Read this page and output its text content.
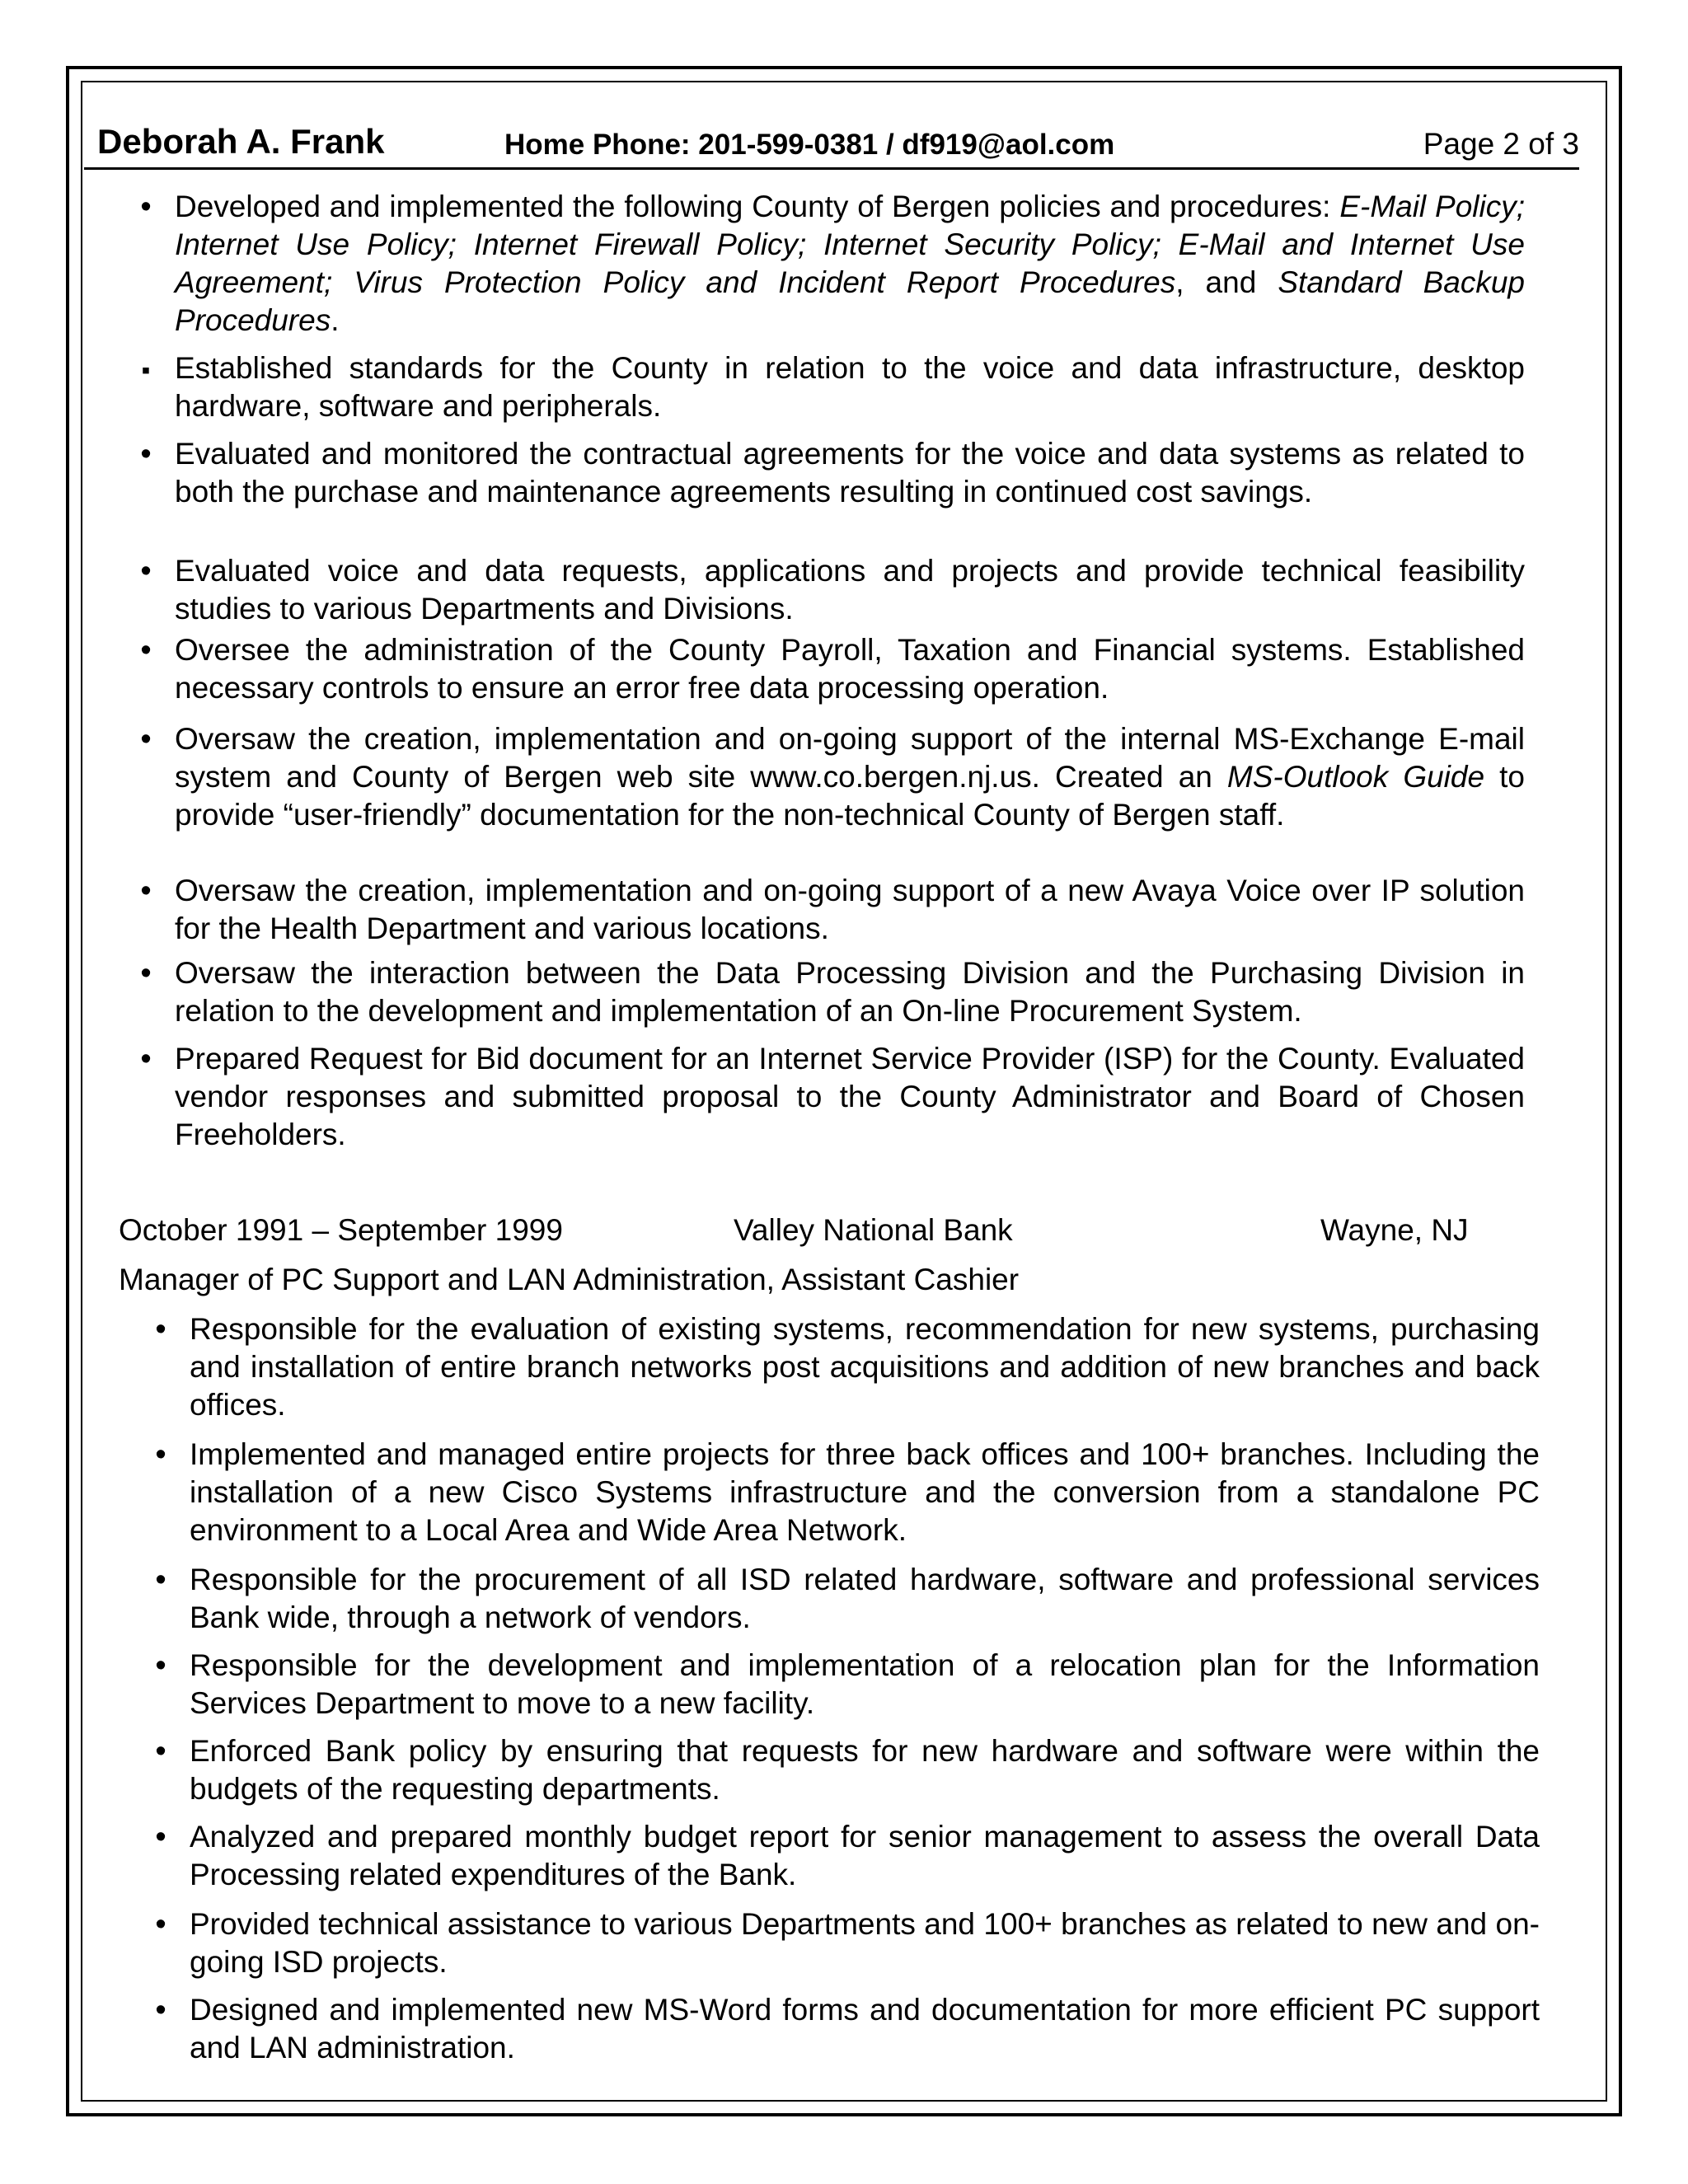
Deborah A. Frank	Home Phone: 201-599-0381 / df919@aol.com	Page 2 of 3
October 1991 – September 1999	Valley National Bank	Wayne, NJ
Manager of PC Support and LAN Administration, Assistant Cashier
•
Developed and implemented the following County of Bergen policies and procedures: E-Mail Policy; Internet Use Policy; Internet Firewall Policy; Internet Security Policy; E-Mail and Internet Use Agreement; Virus Protection Policy and Incident Report Procedures, and Standard Backup Procedures.
▪
Established standards for the County in relation to the voice and data infrastructure, desktop hardware, software and peripherals.
•
Evaluated and monitored the contractual agreements for the voice and data systems as related to both the purchase and maintenance agreements resulting in continued cost savings.
•
Evaluated voice and data requests, applications and projects and provide technical feasibility studies to various Departments and Divisions.
•
Oversee the administration of the County Payroll, Taxation and Financial systems. Established necessary controls to ensure an error free data processing operation.
•
Oversaw the creation, implementation and on-going support of the internal MS-Exchange E-mail system and County of Bergen web site www.co.bergen.nj.us. Created an MS-Outlook Guide to provide “user-friendly” documentation for the non-technical County of Bergen staff.
•
Oversaw the creation, implementation and on-going support of a new Avaya Voice over IP solution for the Health Department and various locations.
•
Oversaw the interaction between the Data Processing Division and the Purchasing Division in relation to the development and implementation of an On-line Procurement System.
•
Prepared Request for Bid document for an Internet Service Provider (ISP) for the County. Evaluated vendor responses and submitted proposal to the County Administrator and Board of Chosen Freeholders.
•
Responsible for the evaluation of existing systems, recommendation for new systems, purchasing and installation of entire branch networks post acquisitions and addition of new branches and back offices.
•
Implemented and managed entire projects for three back offices and 100+ branches. Including the installation of a new Cisco Systems infrastructure and the conversion from a standalone PC environment to a Local Area and Wide Area Network.
•
Responsible for the procurement of all ISD related hardware, software and professional services Bank wide, through a network of vendors.
•
Responsible for the development and implementation of a relocation plan for the Information Services Department to move to a new facility.
•
Enforced Bank policy by ensuring that requests for new hardware and software were within the budgets of the requesting departments.
•
Analyzed and prepared monthly budget report for senior management to assess the overall Data Processing related expenditures of the Bank.
•
Provided technical assistance to various Departments and 100+ branches as related to new and on-going ISD projects.
•
Designed and implemented new MS-Word forms and documentation for more efficient PC support and LAN administration.
